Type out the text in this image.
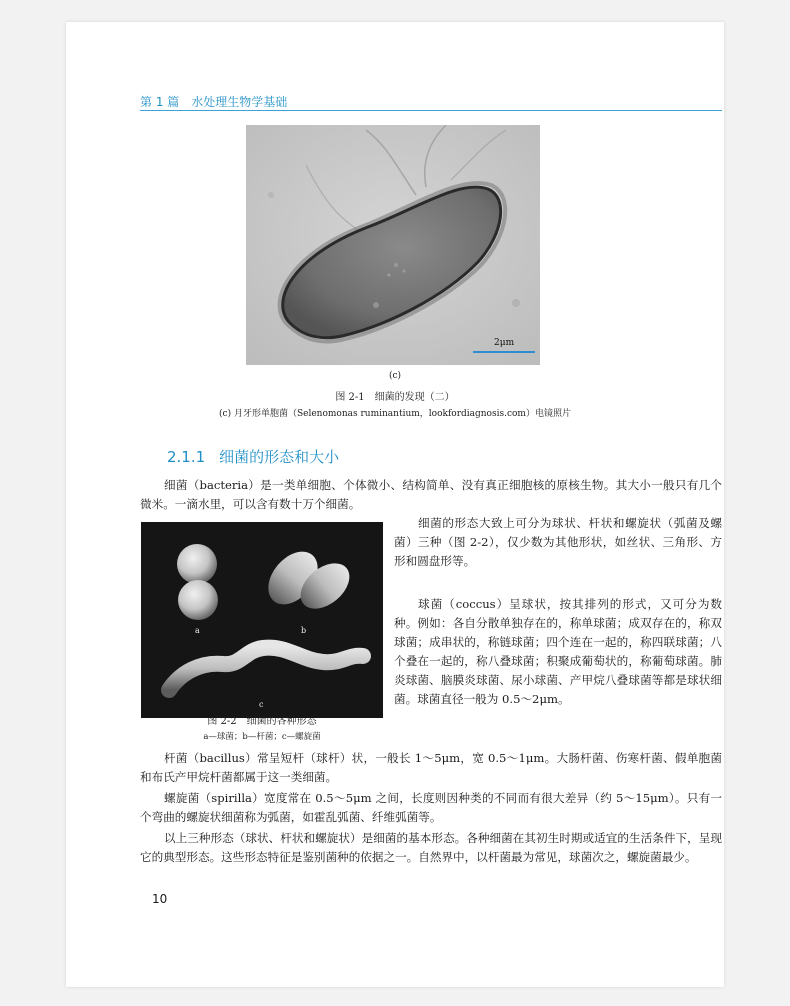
第 1 篇　水处理生物学基础
2μm
(c)
图 2-1　细菌的发现（二）
(c) 月牙形单胞菌（Selenomonas ruminantium，lookfordiagnosis.com）电镜照片
2.1.1 细菌的形态和大小

细菌（bacteria）是一类单细胞、个体微小、结构简单、没有真正细胞核的原核生物。其大小一般只有几个微米。一滴水里，可以含有数十万个细菌。

a	b
c
图 2-2　细菌的各种形态
a—球菌；b—杆菌；c—螺旋菌

细菌的形态大致上可分为球状、杆状和螺旋状（弧菌及螺菌）三种（图 2-2），仅少数为其他形状，如丝状、三角形、方形和圆盘形等。

球菌（coccus）呈球状，按其排列的形式，又可分为数种。例如：各自分散单独存在的，称单球菌；成双存在的，称双球菌；成串状的，称链球菌；四个连在一起的，称四联球菌；八个叠在一起的，称八叠球菌；积聚成葡萄状的，称葡萄球菌。肺炎球菌、脑膜炎球菌、尿小球菌、产甲烷八叠球菌等都是球状细菌。球菌直径一般为 0.5～2μm。

杆菌（bacillus）常呈短杆（球杆）状，一般长 1～5μm，宽 0.5～1μm。大肠杆菌、伤寒杆菌、假单胞菌和布氏产甲烷杆菌都属于这一类细菌。

螺旋菌（spirilla）宽度常在 0.5～5μm 之间，长度则因种类的不同而有很大差异（约 5～15μm）。只有一个弯曲的螺旋状细菌称为弧菌，如霍乱弧菌、纤维弧菌等。

以上三种形态（球状、杆状和螺旋状）是细菌的基本形态。各种细菌在其初生时期或适宜的生活条件下，呈现它的典型形态。这些形态特征是鉴别菌种的依据之一。自然界中，以杆菌最为常见，球菌次之，螺旋菌最少。

10
